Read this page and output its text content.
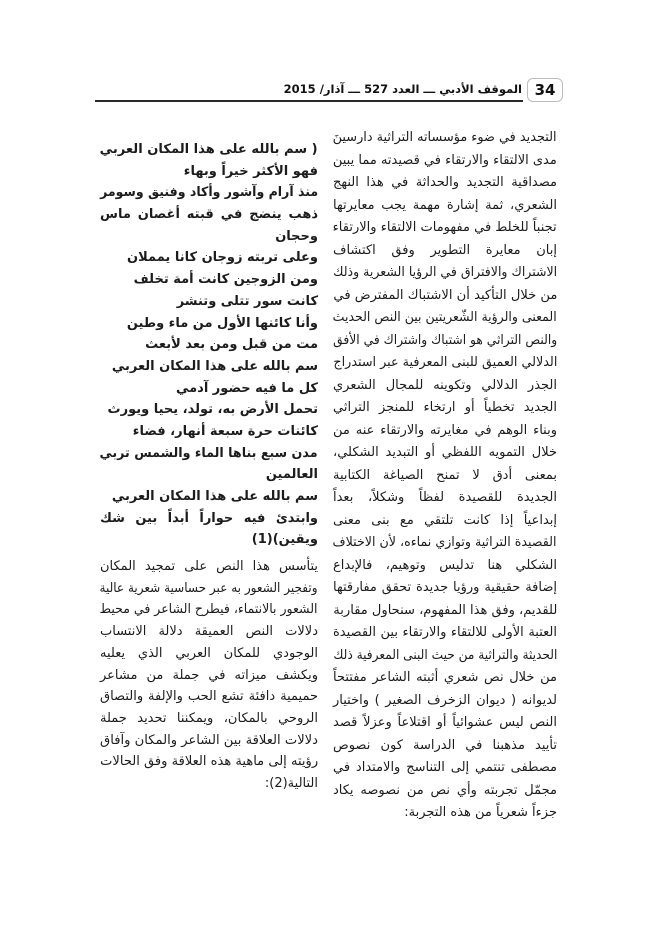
34
الموقف الأدبي ـــ العدد 527 ـــ آذار/ 2015
التجديد في ضوء مؤسساته التراثية دارسينَ
مدى الالتقاء والارتقاء في قصيدته مما يبين
مصداقية التجديد والحداثة في هذا النهج
الشعري، ثمة إشارة مهمة يجب معايرتها
تجنباً للخلط في مفهومات الالتقاء والارتقاء
إبان معايرة التطوير وفق اكتشاف
الاشتراك والافتراق في الرؤيا الشعرية وذلك
من خلال التأكيد أن الاشتباك المفترض في
المعنى والرؤية الشّعريتين بين النص الحديث
والنص التراثي هو اشتباك واشتراك في الأفق
الدلالي العميق للبنى المعرفية عبر استدراج
الجذر الدلالي وتكوينه للمجال الشعري
الجديد تخطياً أو ارتخاء للمنجز التراثي
وبناء الوهم في مغايرته والارتقاء عنه من
خلال التمويه اللفظي أو التبديد الشكلي،
بمعنى أدق لا تمنح الصياغة الكتابية
الجديدة للقصيدة لفظاً وشكلاً، بعداً
إبداعياً إذا كانت تلتقي مع بنى معنى
القصيدة التراثية وتوازي نماءه، لأن الاختلاف
الشكلي هنا تدليس وتوهيم، فالإبداع
إضافة حقيقية ورؤيا جديدة تحقق مفارقتها
للقديم، وفق هذا المفهوم، سنحاول مقاربة
العتبة الأولى للالتقاء والارتقاء بين القصيدة
الحديثة والتراثية من حيث البنى المعرفية ذلك
من خلال نص شعري أثبته الشاعر مفتتحاً
لديوانه ( ديوان الزخرف الصغير ) واختيار
النص ليس عشوائياً أو اقتلاعاً وعزلاً قصد
تأييد مذهبنا في الدراسة كون نصوص
مصطفى تنتمي إلى التناسج والامتداد في
مجمّل تجربته وأي نص من نصوصه يكاد
جزءاً شعرياً من هذه التجربة:
( سم بالله على هذا المكان العربي
فهو الأكثر خيراً وبهاء
منذ آرام وآشور وأكاد وفنيق وسومر
ذهب ينضج في قبته أغصان ماس
وحجان
وعلى تربته زوجان كانا يمملان
ومن الزوجين كانت أمة تخلف
كانت سور تتلى وتنشر
وأنا كائنها الأول من ماء وطين
مت من قبل ومن بعد لأبعث
سم بالله على هذا المكان العربي
كل ما فيه حضور آدمي
تحمل الأرض به، تولد، يحيا ويورث
كائنات حرة سبعة أنهار، فضاء
مدن سبع بناها الماء والشمس تربي
العالمين
سم بالله على هذا المكان العربي
وابتدئ فيه حواراً أبداً بين شك
ويقين)(1)
يتأسس هذا النص على تمجيد المكان
وتفجير الشعور به عبر حساسية شعرية عالية
الشعور بالانتماء، فيطرح الشاعر في محيط
دلالات النص العميقة دلالة الانتساب
الوجودي للمكان العربي الذي يعليه
ويكشف ميزاته في جملة من مشاعر
حميمية دافئة تشع الحب والإلفة والتصاق
الروحي بالمكان، ويمكننا تحديد جملة
دلالات العلاقة بين الشاعر والمكان وآفاق
رؤيته إلى ماهية هذه العلاقة وفق الحالات
التالية(2):
